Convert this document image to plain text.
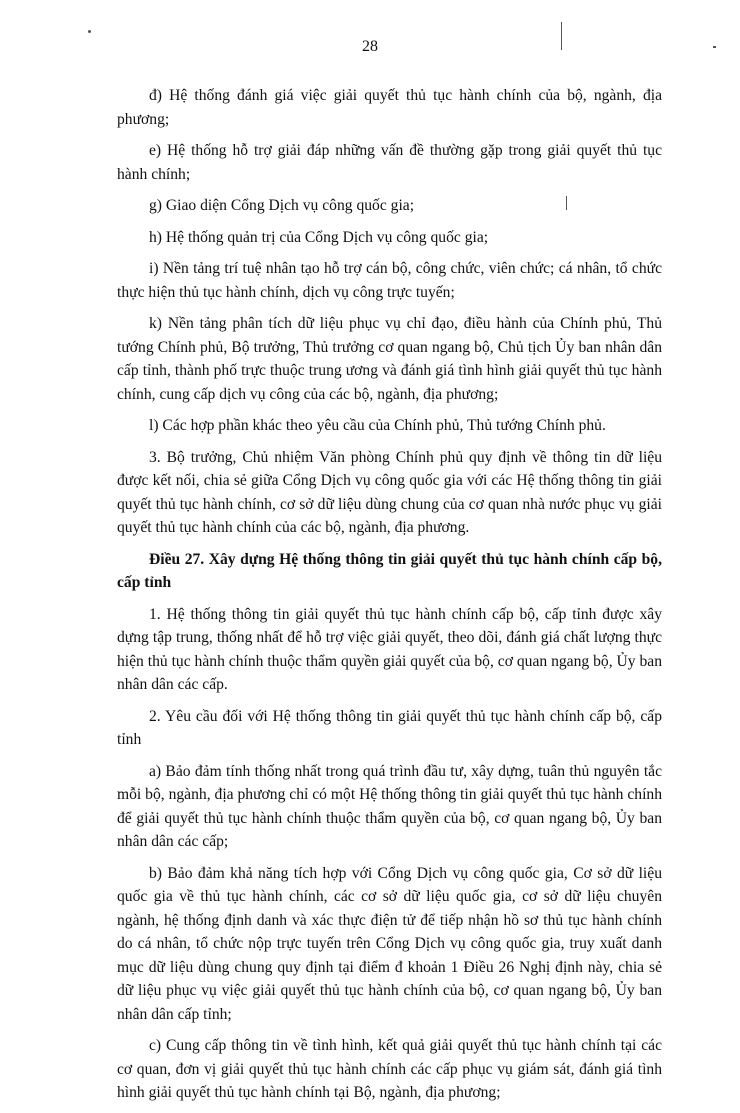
28

đ) Hệ thống đánh giá việc giải quyết thủ tục hành chính của bộ, ngành, địa phương;

e) Hệ thống hỗ trợ giải đáp những vấn đề thường gặp trong giải quyết thủ tục hành chính;

g) Giao diện Cổng Dịch vụ công quốc gia;

h) Hệ thống quản trị của Cổng Dịch vụ công quốc gia;

i) Nền tảng trí tuệ nhân tạo hỗ trợ cán bộ, công chức, viên chức; cá nhân, tổ chức thực hiện thủ tục hành chính, dịch vụ công trực tuyến;

k) Nền tảng phân tích dữ liệu phục vụ chỉ đạo, điều hành của Chính phủ, Thủ tướng Chính phủ, Bộ trưởng, Thủ trưởng cơ quan ngang bộ, Chủ tịch Ủy ban nhân dân cấp tỉnh, thành phố trực thuộc trung ương và đánh giá tình hình giải quyết thủ tục hành chính, cung cấp dịch vụ công của các bộ, ngành, địa phương;

l) Các hợp phần khác theo yêu cầu của Chính phủ, Thủ tướng Chính phủ.

3. Bộ trưởng, Chủ nhiệm Văn phòng Chính phủ quy định về thông tin dữ liệu được kết nối, chia sẻ giữa Cổng Dịch vụ công quốc gia với các Hệ thống thông tin giải quyết thủ tục hành chính, cơ sở dữ liệu dùng chung của cơ quan nhà nước phục vụ giải quyết thủ tục hành chính của các bộ, ngành, địa phương.

Điều 27. Xây dựng Hệ thống thông tin giải quyết thủ tục hành chính cấp bộ, cấp tỉnh

1. Hệ thống thông tin giải quyết thủ tục hành chính cấp bộ, cấp tỉnh được xây dựng tập trung, thống nhất để hỗ trợ việc giải quyết, theo dõi, đánh giá chất lượng thực hiện thủ tục hành chính thuộc thẩm quyền giải quyết của bộ, cơ quan ngang bộ, Ủy ban nhân dân các cấp.

2. Yêu cầu đối với Hệ thống thông tin giải quyết thủ tục hành chính cấp bộ, cấp tỉnh

a) Bảo đảm tính thống nhất trong quá trình đầu tư, xây dựng, tuân thủ nguyên tắc mỗi bộ, ngành, địa phương chỉ có một Hệ thống thông tin giải quyết thủ tục hành chính để giải quyết thủ tục hành chính thuộc thẩm quyền của bộ, cơ quan ngang bộ, Ủy ban nhân dân các cấp;

b) Bảo đảm khả năng tích hợp với Cổng Dịch vụ công quốc gia, Cơ sở dữ liệu quốc gia về thủ tục hành chính, các cơ sở dữ liệu quốc gia, cơ sở dữ liệu chuyên ngành, hệ thống định danh và xác thực điện tử để tiếp nhận hồ sơ thủ tục hành chính do cá nhân, tổ chức nộp trực tuyến trên Cổng Dịch vụ công quốc gia, truy xuất danh mục dữ liệu dùng chung quy định tại điểm đ khoản 1 Điều 26 Nghị định này, chia sẻ dữ liệu phục vụ việc giải quyết thủ tục hành chính của bộ, cơ quan ngang bộ, Ủy ban nhân dân cấp tỉnh;

c) Cung cấp thông tin về tình hình, kết quả giải quyết thủ tục hành chính tại các cơ quan, đơn vị giải quyết thủ tục hành chính các cấp phục vụ giám sát, đánh giá tình hình giải quyết thủ tục hành chính tại Bộ, ngành, địa phương;
